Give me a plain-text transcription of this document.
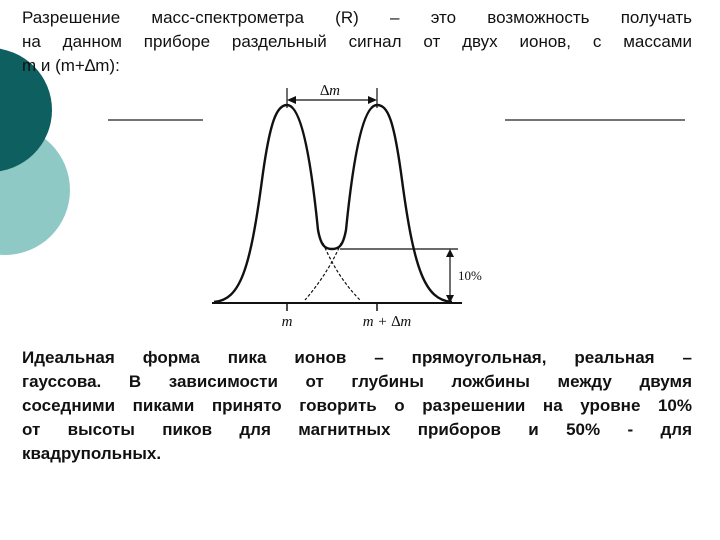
Разрешение масс-спектрометра (R) – это возможность получать
на данном приборе раздельный сигнал от двух ионов, с массами
m и (m+∆m):
∆m
10%
m	m + ∆m
Идеальная форма пика ионов – прямоугольная, реальная –
гауссова. В зависимости от глубины ложбины между двумя
соседними пиками принято говорить о разрешении на уровне 10%
от высоты пиков для магнитных приборов и 50% - для
квадрупольных.
